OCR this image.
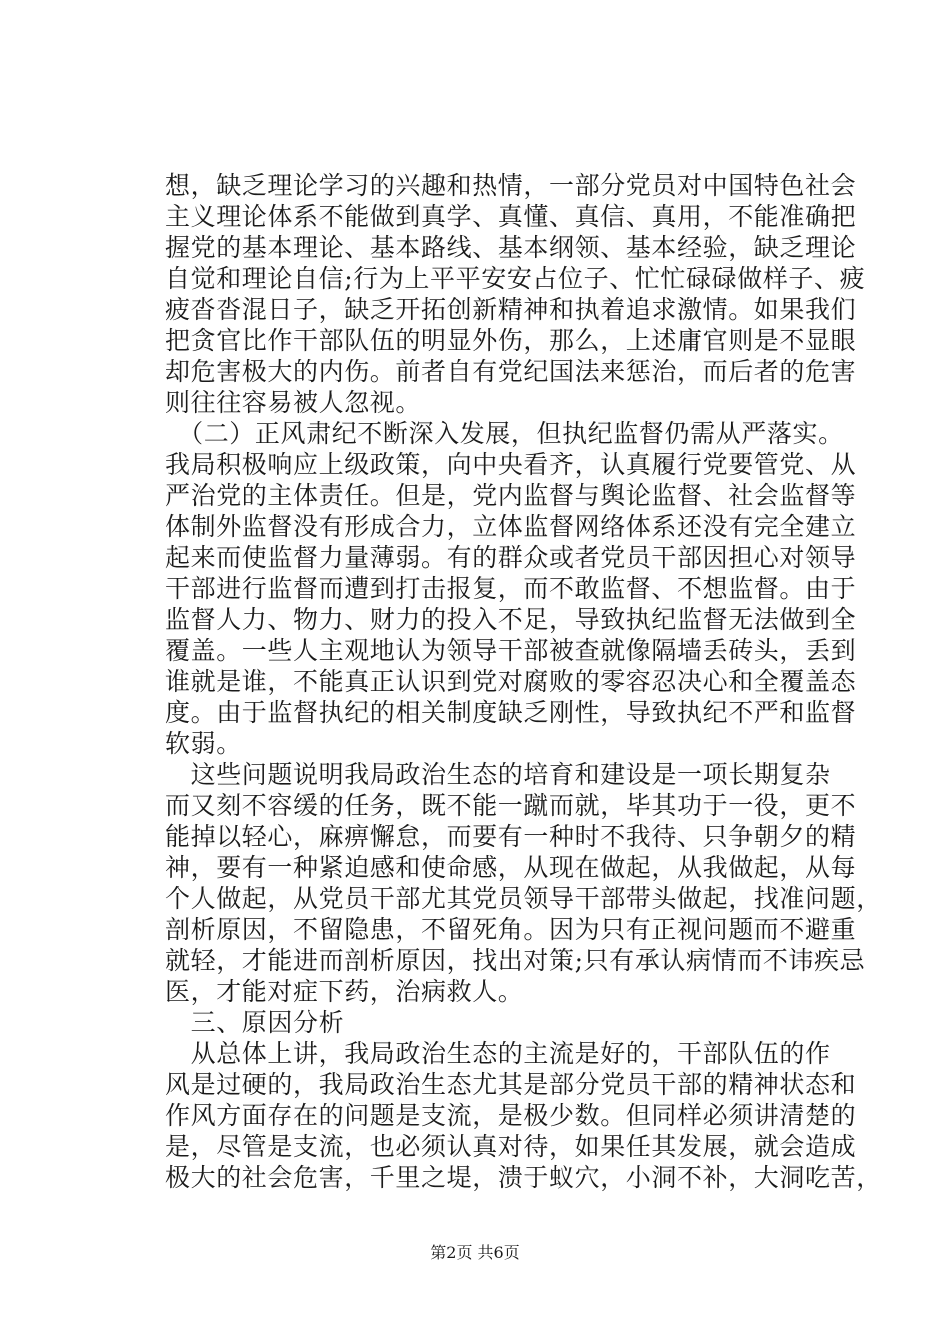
想，缺乏理论学习的兴趣和热情，一部分党员对中国特色社会
主义理论体系不能做到真学、真懂、真信、真用，不能准确把
握党的基本理论、基本路线、基本纲领、基本经验，缺乏理论
自觉和理论自信;行为上平平安安占位子、忙忙碌碌做样子、疲
疲沓沓混日子，缺乏开拓创新精神和执着追求激情。如果我们
把贪官比作干部队伍的明显外伤，那么，上述庸官则是不显眼
却危害极大的内伤。前者自有党纪国法来惩治，而后者的危害
则往往容易被人忽视。
　（二）正风肃纪不断深入发展，但执纪监督仍需从严落实。
我局积极响应上级政策，向中央看齐，认真履行党要管党、从
严治党的主体责任。但是，党内监督与舆论监督、社会监督等
体制外监督没有形成合力，立体监督网络体系还没有完全建立
起来而使监督力量薄弱。有的群众或者党员干部因担心对领导
干部进行监督而遭到打击报复，而不敢监督、不想监督。由于
监督人力、物力、财力的投入不足，导致执纪监督无法做到全
覆盖。一些人主观地认为领导干部被查就像隔墙丢砖头，丢到
谁就是谁，不能真正认识到党对腐败的零容忍决心和全覆盖态
度。由于监督执纪的相关制度缺乏刚性，导致执纪不严和监督
软弱。
　这些问题说明我局政治生态的培育和建设是一项长期复杂
而又刻不容缓的任务，既不能一蹴而就，毕其功于一役，更不
能掉以轻心，麻痹懈怠，而要有一种时不我待、只争朝夕的精
神，要有一种紧迫感和使命感，从现在做起，从我做起，从每
个人做起，从党员干部尤其党员领导干部带头做起，找准问题，
剖析原因，不留隐患，不留死角。因为只有正视问题而不避重
就轻，才能进而剖析原因，找出对策;只有承认病情而不讳疾忌
医，才能对症下药，治病救人。
　三、原因分析
　从总体上讲，我局政治生态的主流是好的，干部队伍的作
风是过硬的，我局政治生态尤其是部分党员干部的精神状态和
作风方面存在的问题是支流，是极少数。但同样必须讲清楚的
是，尽管是支流，也必须认真对待，如果任其发展，就会造成
极大的社会危害，千里之堤，溃于蚁穴，小洞不补，大洞吃苦，
第2页 共6页
